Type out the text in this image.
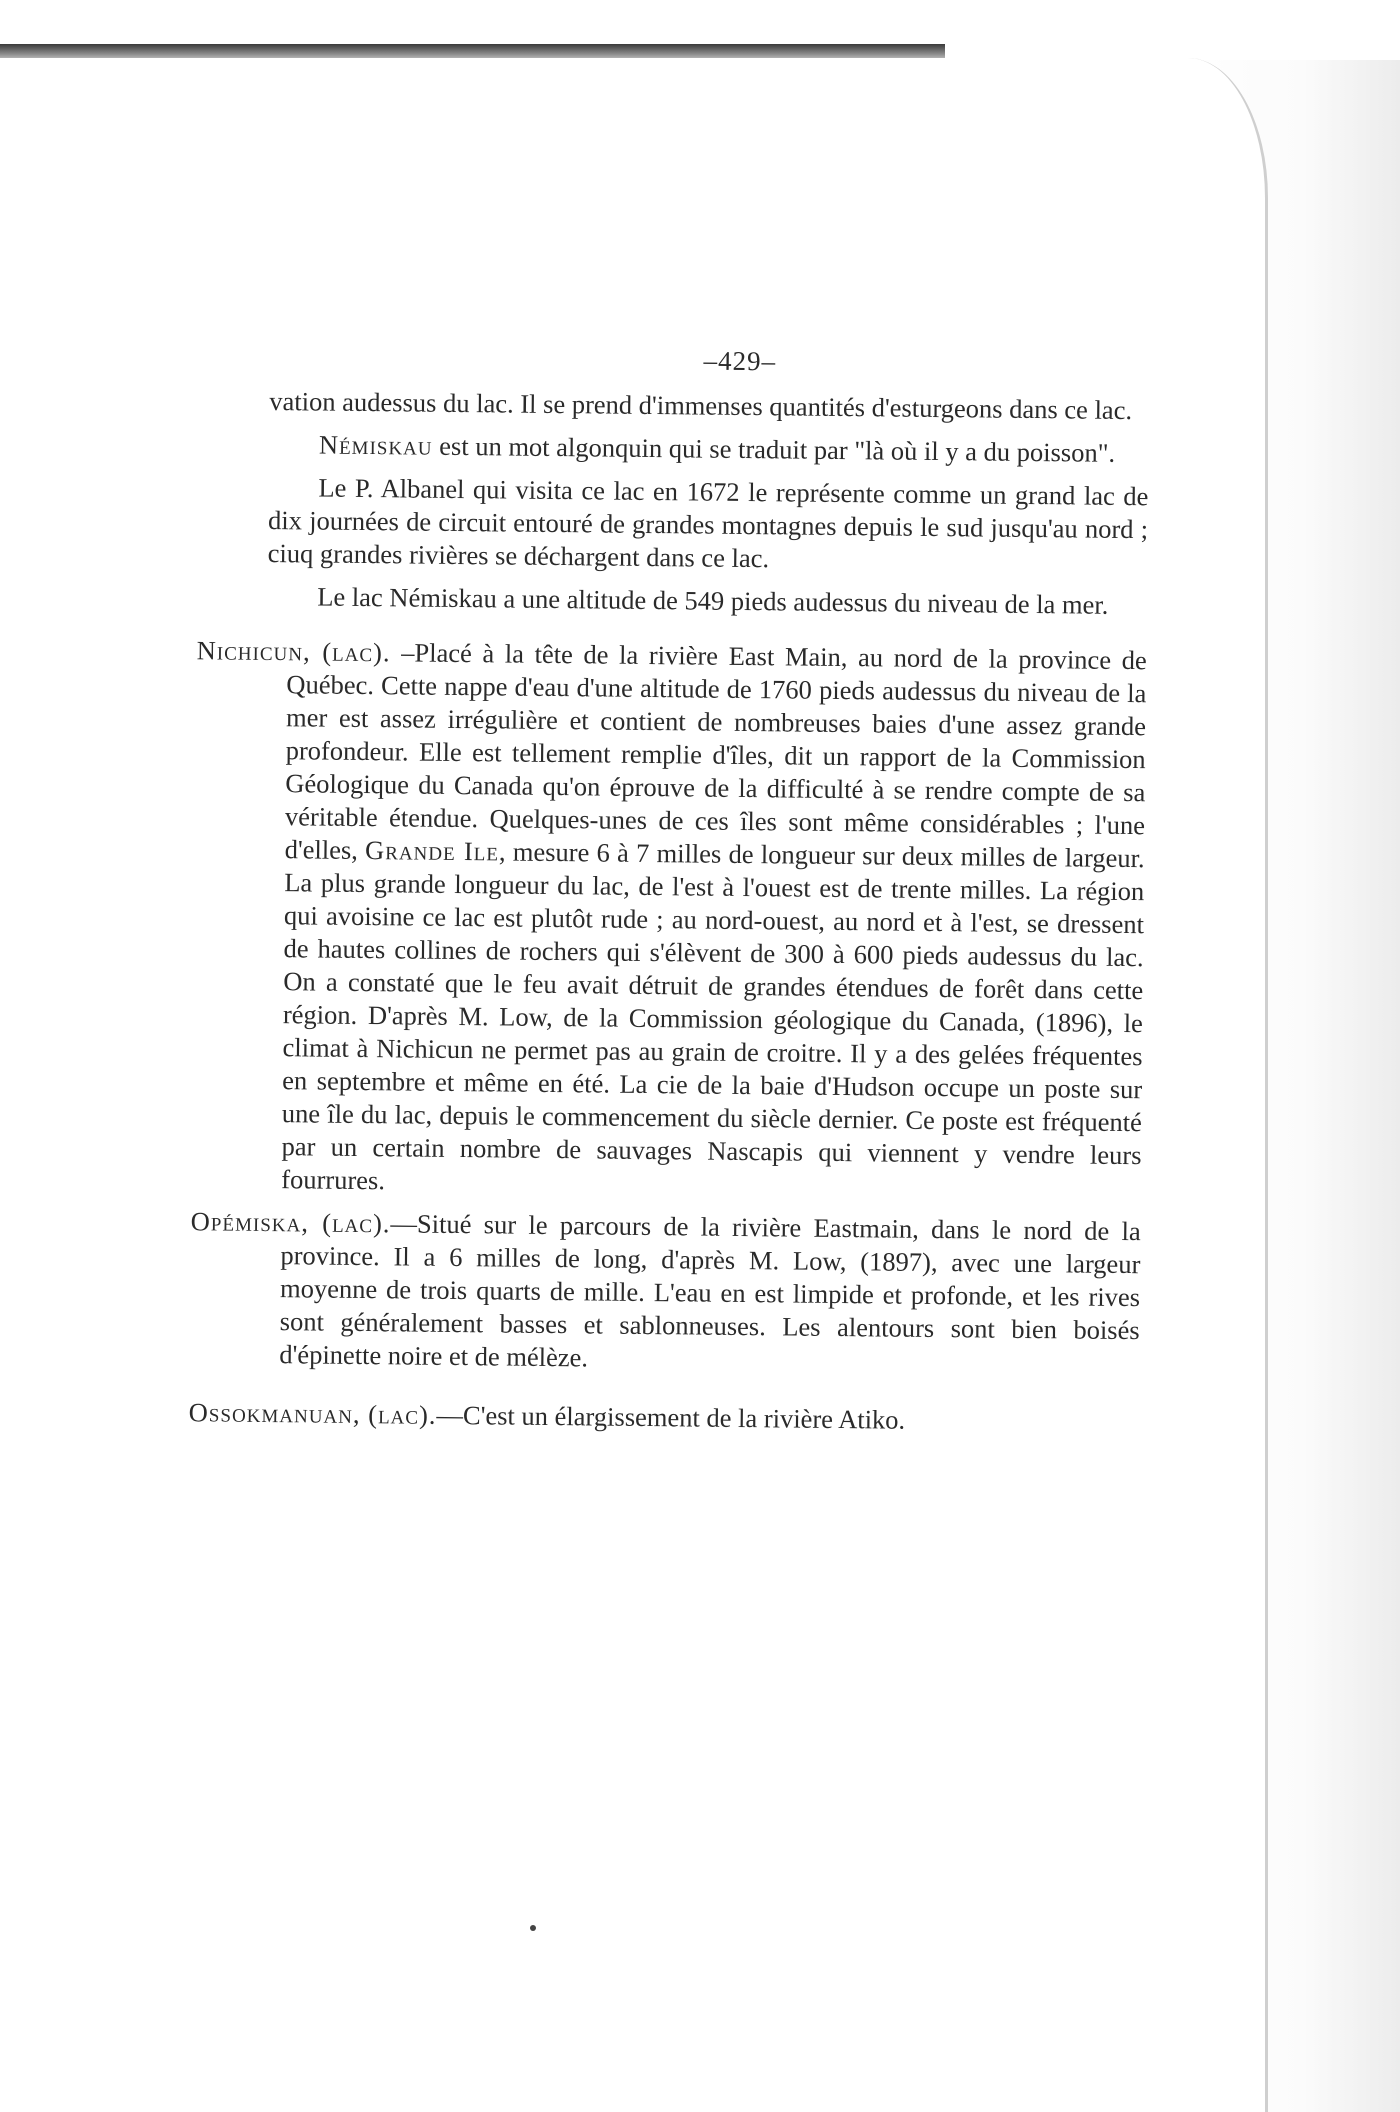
–429–

vation audessus du lac. Il se prend d'immenses quantités d'esturgeons dans ce lac.

Némiskau est un mot algonquin qui se traduit par "là où il y a du poisson".

Le P. Albanel qui visita ce lac en 1672 le représente comme un grand lac de dix journées de circuit entouré de grandes montagnes depuis le sud jusqu'au nord ; ciuq grandes rivières se déchargent dans ce lac.

Le lac Némiskau a une altitude de 549 pieds audessus du niveau de la mer.

Nichicun, (lac). –Placé à la tête de la rivière East Main, au nord de la province de Québec. Cette nappe d'eau d'une altitude de 1760 pieds audessus du niveau de la mer est assez irrégulière et contient de nombreuses baies d'une assez grande profondeur. Elle est tellement remplie d'îles, dit un rapport de la Commission Géologique du Canada qu'on éprouve de la difficulté à se rendre compte de sa véritable étendue. Quelques-unes de ces îles sont même considérables ; l'une d'elles, Grande Ile, mesure 6 à 7 milles de longueur sur deux milles de largeur. La plus grande longueur du lac, de l'est à l'ouest est de trente milles. La région qui avoisine ce lac est plutôt rude ; au nord-ouest, au nord et à l'est, se dressent de hautes collines de rochers qui s'élèvent de 300 à 600 pieds audessus du lac. On a constaté que le feu avait détruit de grandes étendues de forêt dans cette région. D'après M. Low, de la Commission géologique du Canada, (1896), le climat à Nichicun ne permet pas au grain de croitre. Il y a des gelées fréquentes en septembre et même en été. La cie de la baie d'Hudson occupe un poste sur une île du lac, depuis le commencement du siècle dernier. Ce poste est fréquenté par un certain nombre de sauvages Nascapis qui viennent y vendre leurs fourrures.

Opémiska, (lac).—Situé sur le parcours de la rivière Eastmain, dans le nord de la province. Il a 6 milles de long, d'après M. Low, (1897), avec une largeur moyenne de trois quarts de mille. L'eau en est limpide et profonde, et les rives sont généralement basses et sablonneuses. Les alentours sont bien boisés d'épinette noire et de mélèze.

Ossokmanuan, (lac).—C'est un élargissement de la rivière Atiko.
